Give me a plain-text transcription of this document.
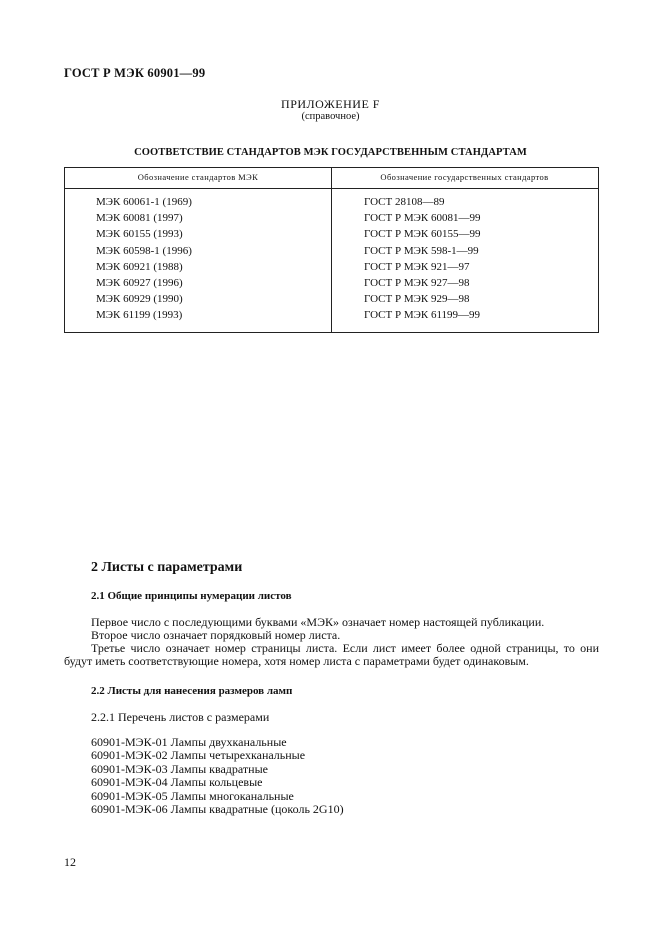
ГОСТ Р МЭК 60901—99
ПРИЛОЖЕНИЕ F
(справочное)
СООТВЕТСТВИЕ СТАНДАРТОВ МЭК ГОСУДАРСТВЕННЫМ СТАНДАРТАМ
Обозначение стандартов МЭК	Обозначение государственных стандартов
МЭК 60061-1 (1969)
МЭК 60081 (1997)
МЭК 60155 (1993)
МЭК 60598-1 (1996)
МЭК 60921 (1988)
МЭК 60927 (1996)
МЭК 60929 (1990)
МЭК 61199 (1993)
ГОСТ 28108—89
ГОСТ Р МЭК 60081—99
ГОСТ Р МЭК 60155—99
ГОСТ Р МЭК 598-1—99
ГОСТ Р МЭК 921—97
ГОСТ Р МЭК 927—98
ГОСТ Р МЭК 929—98
ГОСТ Р МЭК 61199—99
2 Листы с параметрами
2.1 Общие принципы нумерации листов
Первое число с последующими буквами «МЭК» означает номер настоящей публикации.
Второе число означает порядковый номер листа.
Третье число означает номер страницы листа. Если лист имеет более одной страницы, то они будут иметь соответствующие номера, хотя номер листа с параметрами будет одинаковым.
2.2 Листы для нанесения размеров ламп
2.2.1 Перечень листов с размерами
60901-МЭК-01 Лампы двухканальные
60901-МЭК-02 Лампы четырехканальные
60901-МЭК-03 Лампы квадратные
60901-МЭК-04 Лампы кольцевые
60901-МЭК-05 Лампы многоканальные
60901-МЭК-06 Лампы квадратные (цоколь 2G10)
12
